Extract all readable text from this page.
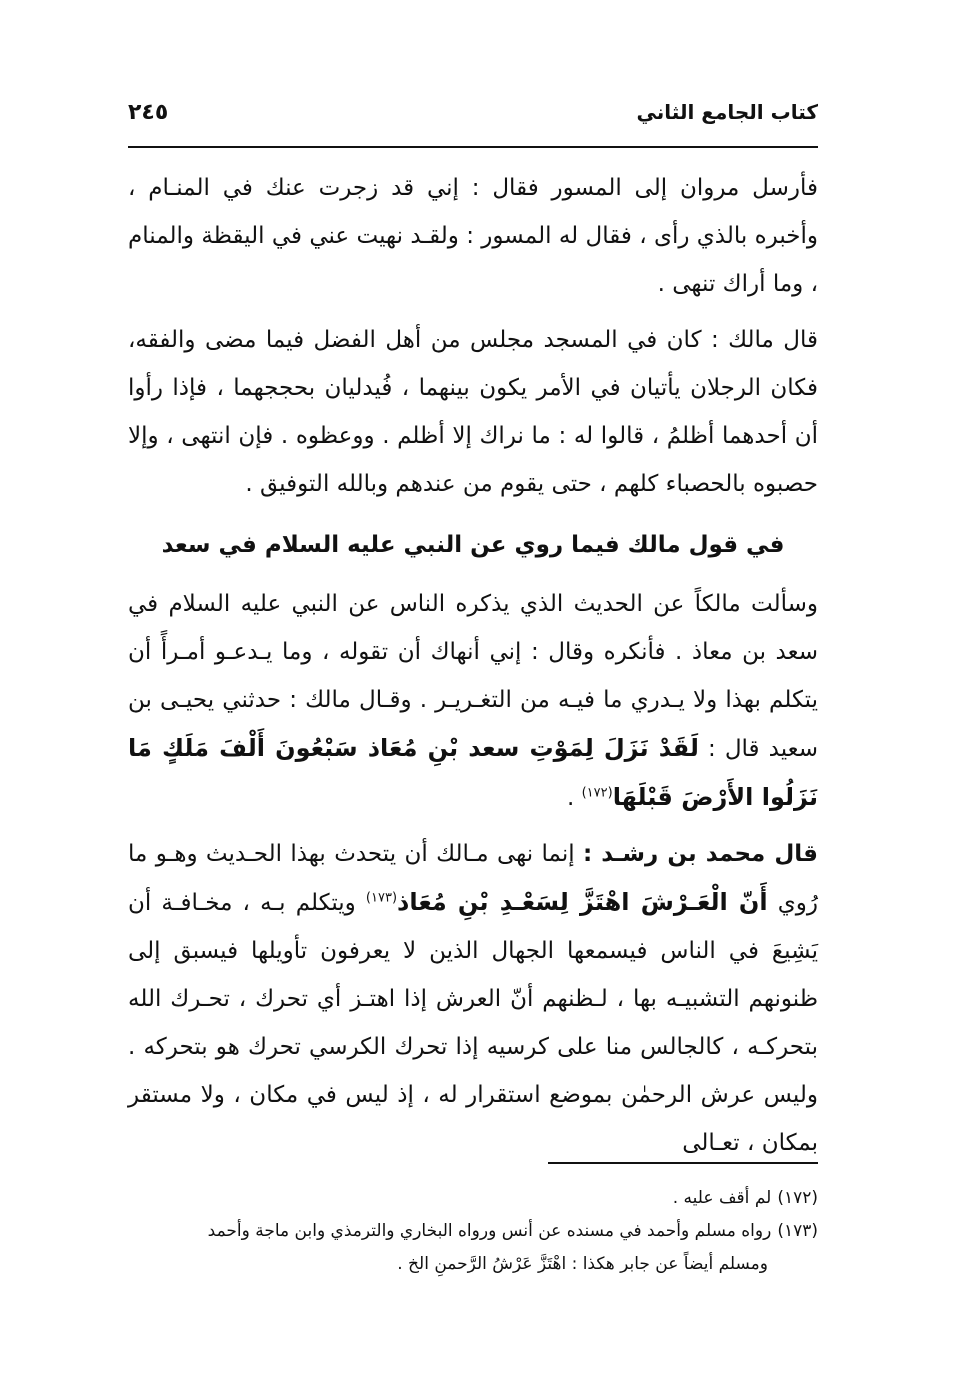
كتاب الجامع الثاني
٢٤٥

فأرسل مروان إلى المسور فقال : إني قد زجرت عنك في المنـام ، وأخبره بالذي رأى ، فقال له المسور : ولقـد نهيت عني في اليقظة والمنام ، وما أراك تنهى .

قال مالك : كان في المسجد مجلس من أهل الفضل فيما مضى والفقه، فكان الرجلان يأتيان في الأمر يكون بينهما ، فُيدليان بحججهما ، فإذا رأوا أن أحدهما أظلمُ ، قالوا له : ما نراك إلا أظلم . ووعظوه . فإن انتهى ، وإلا حصبوه بالحصباء كلهم ، حتى يقوم من عندهم وبالله التوفيق .

في قول مالك فيما روي عن النبي عليه السلام في سعد

وسألت مالكاً عن الحديث الذي يذكره الناس عن النبي عليه السلام في سعد بن معاذ . فأنكره وقال : إني أنهاك أن تقوله ، وما يـدعـو أمـرأً أن يتكلم بهذا ولا يـدري ما فيـه من التغـريـر . وقـال مالك : حدثني يحيـى بن سعيد قال : لَقَدْ نَزَلَ لِمَوْتِ سعد بْنِ مُعَاذ سَبْعُونَ أَلْفَ مَلَكٍ مَا نَزَلُوا الأَرْضَ قَبْلَهَا$^{(١٧٢)}$ .

قال محمد بن رشـد : إنما نهى مـالك أن يتحدث بهذا الحـديث وهـو ما رُوي أَنّ الْعَـرْشَ اهْتَزَّ لِسَعْـدِ بْنِ مُعَاذ$^{(١٧٣)}$ ويتكلم بـه ، مخـافـة أن يَشِيعَ في الناس فيسمعها الجهال الذين لا يعرفون تأويلها فيسبق إلى ظنونهم التشبيـه بها ، لـظنهم أنّ العرش إذا اهتـز أي تحرك ، تحـرك الله بتحركـه ، كالجالس منا على كرسيه إذا تحرك الكرسي تحرك هو بتحركه . وليس عرش الرحمٰن بموضع استقرار له ، إذ ليس في مكان ، ولا مستقر بمكان ، تعـالى

(١٧٢)لم أقف عليه .

(١٧٣)رواه مسلم وأحمد في مسنده عن أنس ورواه البخاري والترمذي وابن ماجة وأحمد

ومسلم أيضاً عن جابر هكذا : اهْتَزَّ عَرْشُ الرَّحمنِ الخ .
